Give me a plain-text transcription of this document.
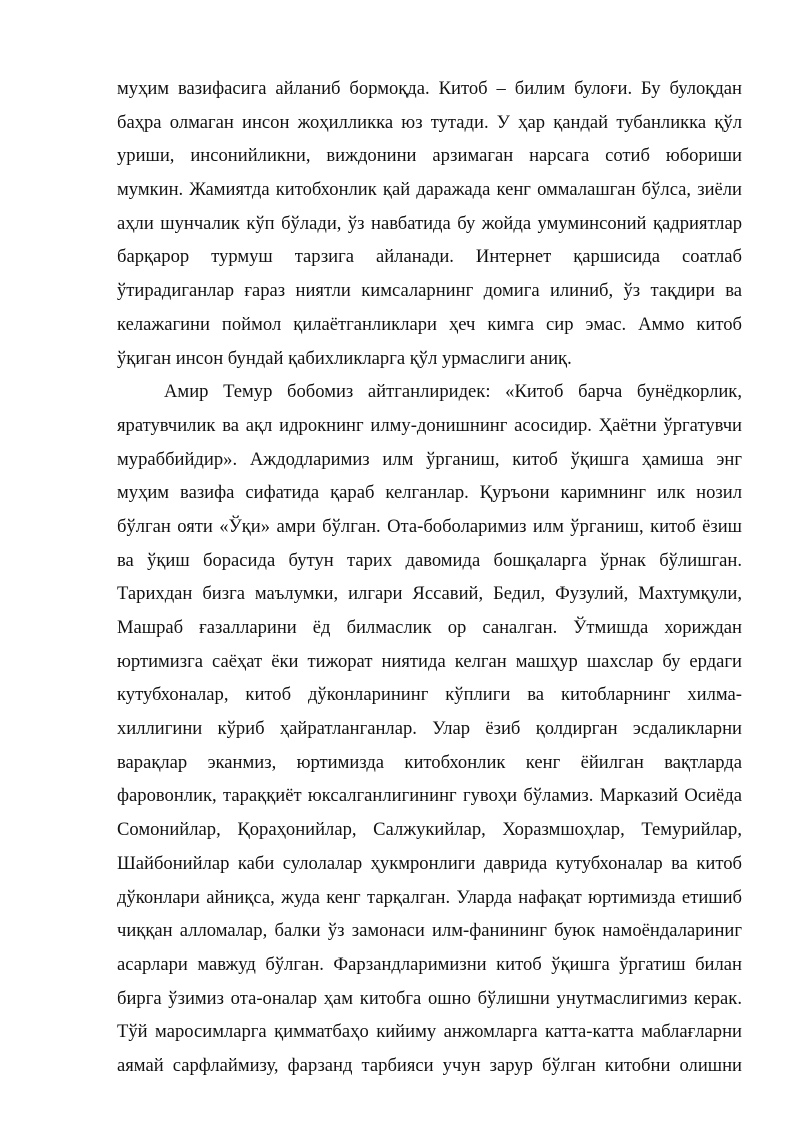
муҳим вазифасига айланиб бормоқда. Китоб – билим булоғи. Бу булоқдан
баҳра олмаган инсон жоҳилликка юз тутади. У ҳар қандай тубанликка қўл
уриши, инсонийликни, виждонини арзимаган нарсага сотиб юбориши
мумкин. Жамиятда китобхонлик қай даражада кенг оммалашган бўлса, зиёли
аҳли шунчалик кўп бўлади, ўз навбатида бу жойда умуминсоний қадриятлар
барқарор турмуш тарзига айланади. Интернет қаршисида соатлаб
ўтирадиганлар ғараз ниятли кимсаларнинг домига илиниб, ўз тақдири ва
келажагини поймол қилаётганликлари ҳеч кимга сир эмас. Аммо китоб
ўқиган инсон бундай қабихликларга қўл урмаслиги аниқ.
Амир Темур бобомиз айтганлиридек: «Китоб барча бунёдкорлик,
яратувчилик ва ақл идрокнинг илму-донишнинг асосидир. Ҳаётни ўргатувчи
мураббийдир». Аждодларимиз илм ўрганиш, китоб ўқишга ҳамиша энг
муҳим вазифа сифатида қараб келганлар. Қуръони каримнинг илк нозил
бўлган ояти «Ўқи» амри бўлган. Ота-боболаримиз илм ўрганиш, китоб ёзиш
ва ўқиш борасида бутун тарих давомида бошқаларга ўрнак бўлишган.
Тарихдан бизга маълумки, илгари Яссавий, Бедил, Фузулий, Махтумқули,
Машраб ғазалларини ёд билмаслик ор саналган. Ўтмишда хориждан
юртимизга саёҳат ёки тижорат ниятида келган машҳур шахслар бу ердаги
кутубхоналар, китоб дўконларининг кўплиги ва китобларнинг хилма-
хиллигини кўриб ҳайратланганлар. Улар ёзиб қолдирган эсдаликларни
варақлар эканмиз, юртимизда китобхонлик кенг ёйилган вақтларда
фаровонлик, тараққиёт юксалганлигининг гувоҳи бўламиз. Марказий Осиёда
Сомонийлар, Қораҳонийлар, Салжукийлар, Хоразмшоҳлар, Темурийлар,
Шайбонийлар каби сулолалар ҳукмронлиги даврида кутубхоналар ва китоб
дўконлари айниқса, жуда кенг тарқалган. Уларда нафақат юртимизда етишиб
чиққан алломалар, балки ўз замонаси илм-фанининг буюк намоёндалариниг
асарлари мавжуд бўлган. Фарзандларимизни китоб ўқишга ўргатиш билан
бирга ўзимиз ота-оналар ҳам китобга ошно бўлишни унутмаслигимиз керак.
Тўй маросимларга қимматбаҳо кийиму анжомларга катта-катта маблағларни
аямай сарфлаймизу, фарзанд тарбияси учун зарур бўлган китобни олишни
